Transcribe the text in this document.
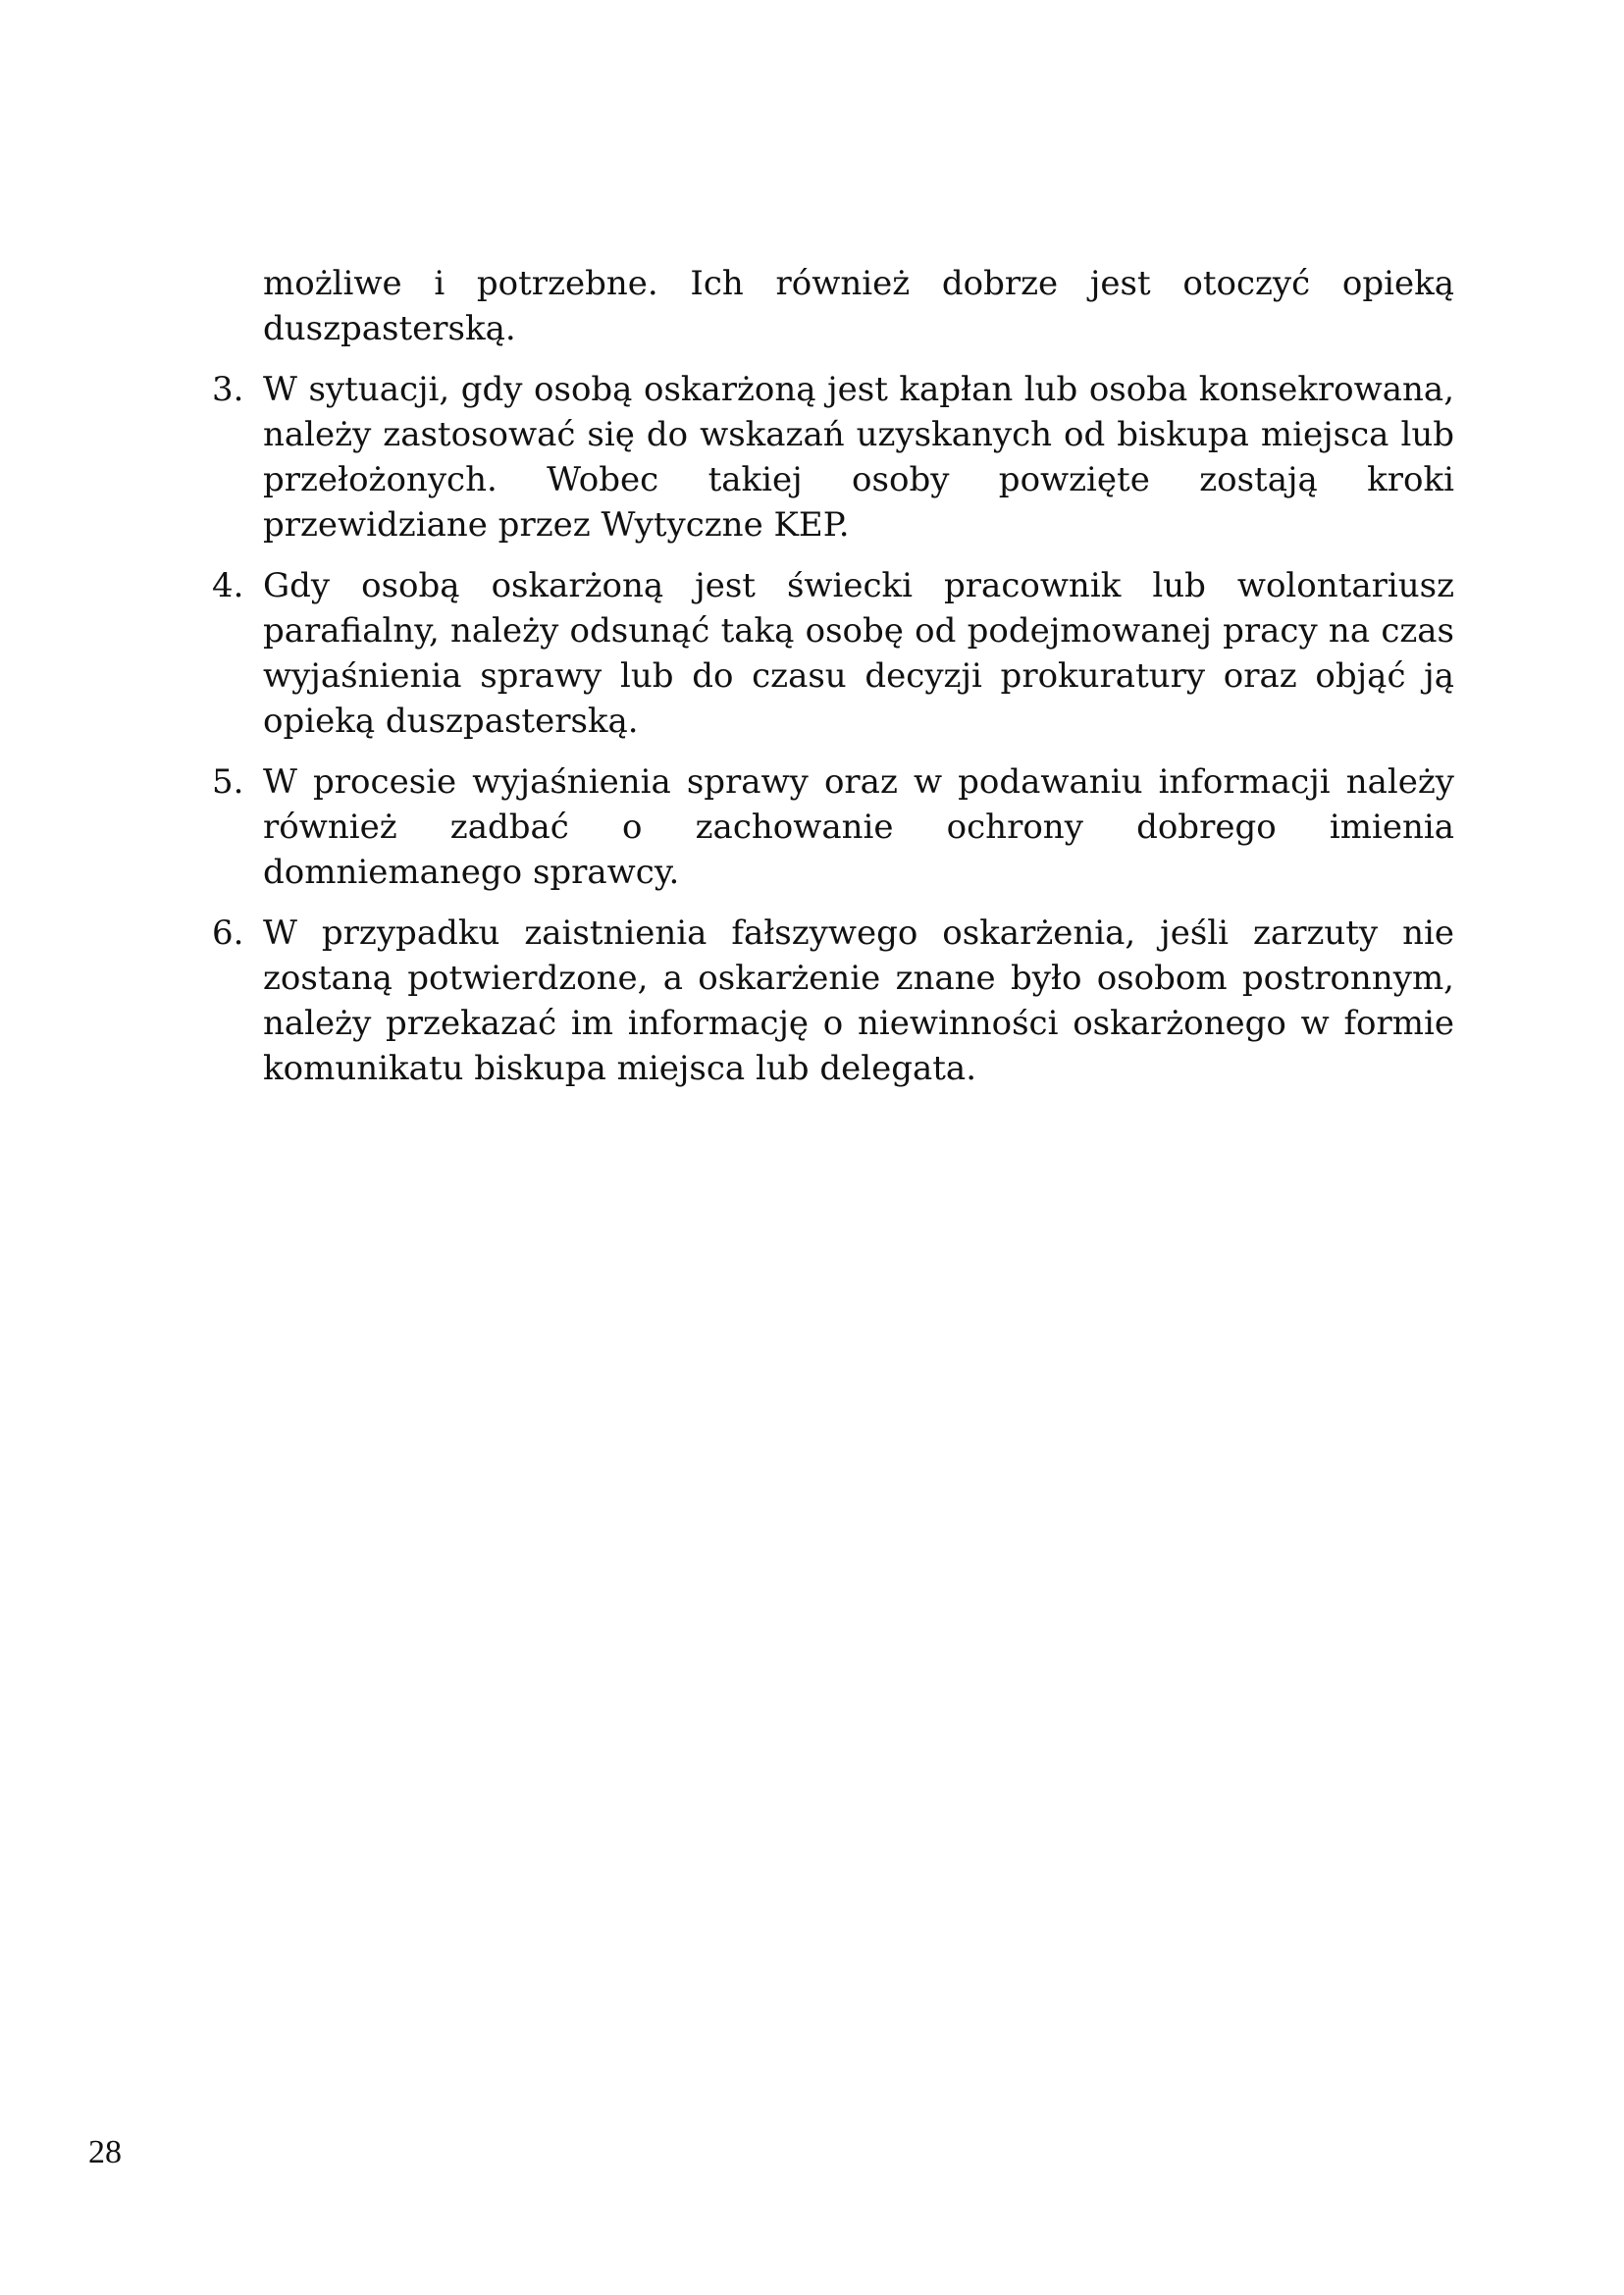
możliwe i potrzebne. Ich również dobrze jest otoczyć opieką duszpasterską.

3. W sytuacji, gdy osobą oskarżoną jest kapłan lub osoba konsekrowana, należy zastosować się do wskazań uzyskanych od biskupa miejsca lub przełożonych. Wobec takiej osoby powzięte zostają kroki przewidziane przez Wytyczne KEP.
4. Gdy osobą oskarżoną jest świecki pracownik lub wolontariusz parafialny, należy odsunąć taką osobę od podejmowanej pracy na czas wyjaśnienia sprawy lub do czasu decyzji prokuratury oraz objąć ją opieką duszpasterską.
5. W procesie wyjaśnienia sprawy oraz w podawaniu informacji należy również zadbać o zachowanie ochrony dobrego imienia domniemanego sprawcy.
6. W przypadku zaistnienia fałszywego oskarżenia, jeśli zarzuty nie zostaną potwierdzone, a oskarżenie znane było osobom postronnym, należy przekazać im informację o niewinności oskarżonego w formie komunikatu biskupa miejsca lub delegata.
28
